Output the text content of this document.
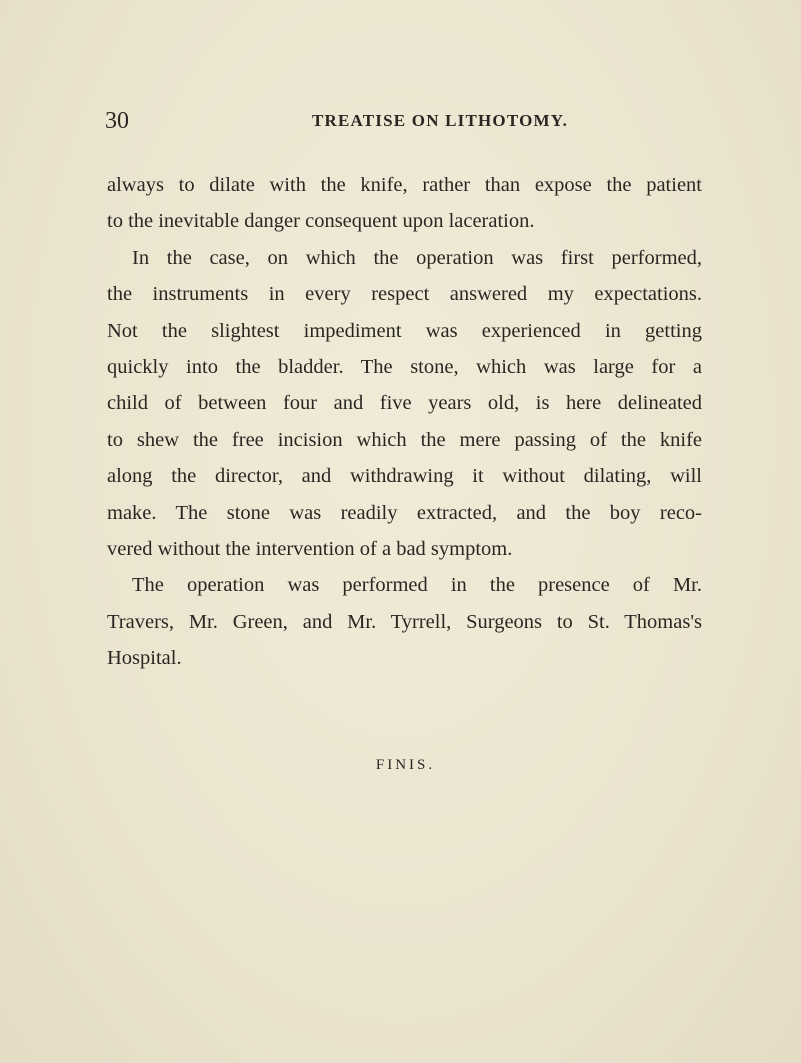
30	TREATISE ON LITHOTOMY.
always to dilate with the knife, rather than expose the patient
to the inevitable danger consequent upon laceration.
In the case, on which the operation was first performed,
the instruments in every respect answered my expectations.
Not the slightest impediment was experienced in getting
quickly into the bladder. The stone, which was large for a
child of between four and five years old, is here delineated
to shew the free incision which the mere passing of the knife
along the director, and withdrawing it without dilating, will
make. The stone was readily extracted, and the boy reco-
vered without the intervention of a bad symptom.
The operation was performed in the presence of Mr.
Travers, Mr. Green, and Mr. Tyrrell, Surgeons to St. Thomas's
Hospital.
FINIS.
